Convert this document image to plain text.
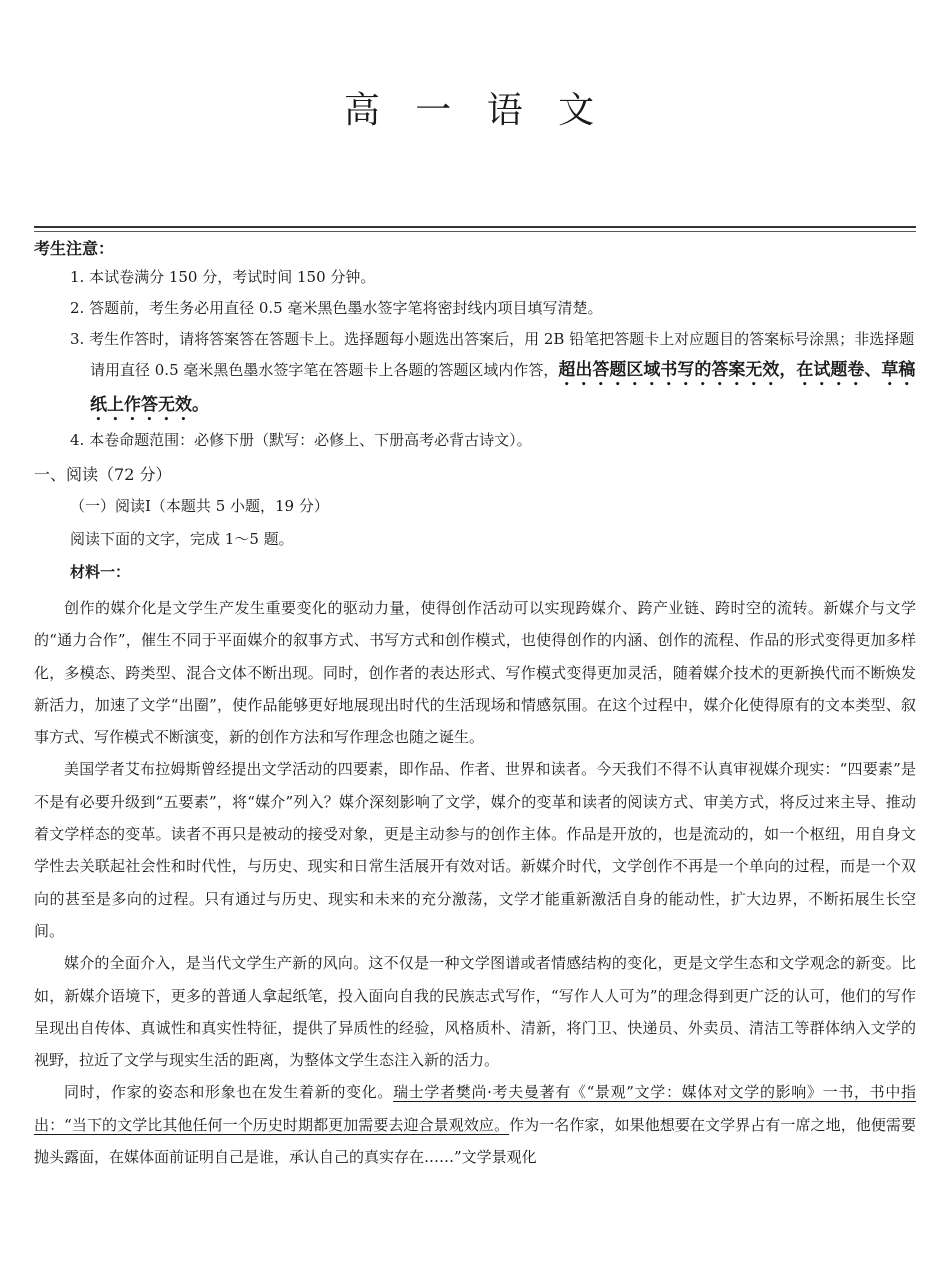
高 一 语 文
考生注意：
1. 本试卷满分 150 分，考试时间 150 分钟。
2. 答题前，考生务必用直径 0.5 毫米黑色墨水签字笔将密封线内项目填写清楚。
3. 考生作答时，请将答案答在答题卡上。选择题每小题选出答案后，用 2B 铅笔把答题卡上对应题目的答案标号涂黑；非选择题请用直径 0.5 毫米黑色墨水签字笔在答题卡上各题的答题区域内作答，超出答题区域书写的答案无效，在试题卷、草稿纸上作答无效。
4. 本卷命题范围：必修下册（默写：必修上、下册高考必背古诗文）。
一、阅读（72 分）
（一）阅读Ⅰ（本题共 5 小题，19 分）
阅读下面的文字，完成 1～5 题。
材料一：

创作的媒介化是文学生产发生重要变化的驱动力量，使得创作活动可以实现跨媒介、跨产业链、跨时空的流转。新媒介与文学的“通力合作”，催生不同于平面媒介的叙事方式、书写方式和创作模式，也使得创作的内涵、创作的流程、作品的形式变得更加多样化，多模态、跨类型、混合文体不断出现。同时，创作者的表达形式、写作模式变得更加灵活，随着媒介技术的更新换代而不断焕发新活力，加速了文学“出圈”，使作品能够更好地展现出时代的生活现场和情感氛围。在这个过程中，媒介化使得原有的文本类型、叙事方式、写作模式不断演变，新的创作方法和写作理念也随之诞生。

美国学者艾布拉姆斯曾经提出文学活动的四要素，即作品、作者、世界和读者。今天我们不得不认真审视媒介现实：“四要素”是不是有必要升级到“五要素”，将“媒介”列入？媒介深刻影响了文学，媒介的变革和读者的阅读方式、审美方式，将反过来主导、推动着文学样态的变革。读者不再只是被动的接受对象，更是主动参与的创作主体。作品是开放的，也是流动的，如一个枢纽，用自身文学性去关联起社会性和时代性，与历史、现实和日常生活展开有效对话。新媒介时代，文学创作不再是一个单向的过程，而是一个双向的甚至是多向的过程。只有通过与历史、现实和未来的充分激荡，文学才能重新激活自身的能动性，扩大边界，不断拓展生长空间。

媒介的全面介入，是当代文学生产新的风向。这不仅是一种文学图谱或者情感结构的变化，更是文学生态和文学观念的新变。比如，新媒介语境下，更多的普通人拿起纸笔，投入面向自我的民族志式写作，“写作人人可为”的理念得到更广泛的认可，他们的写作呈现出自传体、真诚性和真实性特征，提供了异质性的经验，风格质朴、清新，将门卫、快递员、外卖员、清洁工等群体纳入文学的视野，拉近了文学与现实生活的距离，为整体文学生态注入新的活力。

同时，作家的姿态和形象也在发生着新的变化。瑞士学者樊尚·考夫曼著有《“景观”文学：媒体对文学的影响》一书，书中指出：“当下的文学比其他任何一个历史时期都更加需要去迎合景观效应。作为一名作家，如果他想要在文学界占有一席之地，他便需要抛头露面，在媒体面前证明自己是谁，承认自己的真实存在……”文学景观化
